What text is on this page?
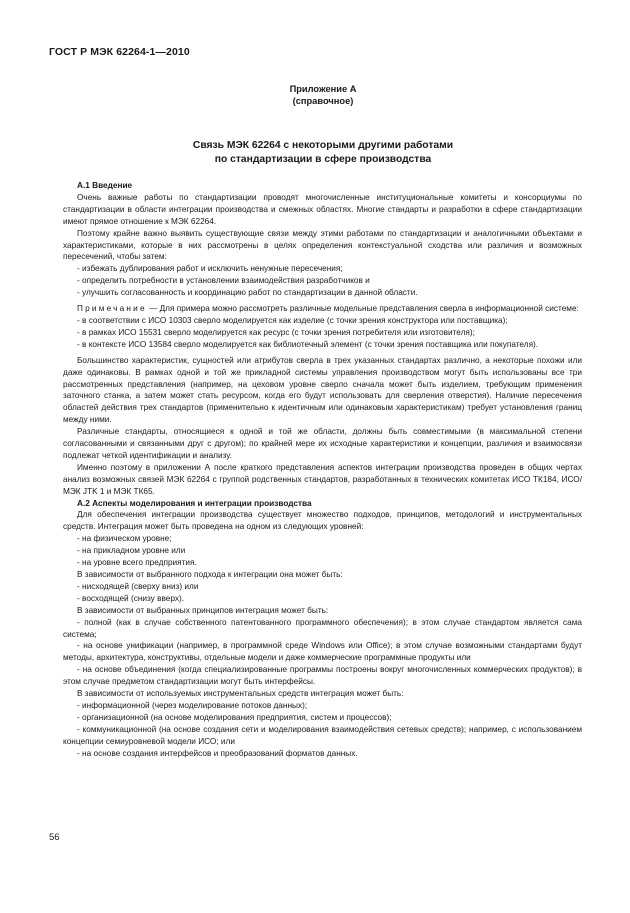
ГОСТ Р МЭК 62264-1—2010
Приложение А
(справочное)
Связь МЭК 62264 с некоторыми другими работами
по стандартизации в сфере производства
А.1 Введение

Очень важные работы по стандартизации проводят многочисленные институциональные комитеты и консорциумы по стандартизации в области интеграции производства и смежных областях. Многие стандарты и разработки в сфере стандартизации имеют прямое отношение к МЭК 62264.

Поэтому крайне важно выявить существующие связи между этими работами по стандартизации и аналогичными объектами и характеристиками, которые в них рассмотрены в целях определения контекстуальной сходства или различия и возможных пересечений, чтобы затем:

- избежать дублирования работ и исключить ненужные пересечения;

- определить потребности в установлении взаимодействия разработчиков и

- улучшить согласованность и координацию работ по стандартизации в данной области.

Примечание — Для примера можно рассмотреть различные модельные представления сверла в информационной системе:

- в соответствии с ИСО 10303 сверло моделируется как изделие (с точки зрения конструктора или поставщика);

- в рамках ИСО 15531 сверло моделируется как ресурс (с точки зрения потребителя или изготовителя);

- в контексте ИСО 13584 сверло моделируется как библиотечный элемент (с точки зрения поставщика или покупателя).

Большинство характеристик, сущностей или атрибутов сверла в трех указанных стандартах различно, а некоторые похожи или даже одинаковы. В рамках одной и той же прикладной системы управления производством могут быть использованы все три рассмотренных представления (например, на цеховом уровне сверло сначала может быть изделием, требующим применения заточного станка, а затем может стать ресурсом, когда его будут использовать для сверления отверстия). Наличие пересечения областей действия трех стандартов (применительно к идентичным или одинаковым характеристикам) требует установления границ между ними.

Различные стандарты, относящиеся к одной и той же области, должны быть совместимыми (в максимальной степени согласованными и связанными друг с другом); по крайней мере их исходные характеристики и концепции, различия и взаимосвязи подлежат четкой идентификации и анализу.

Именно поэтому в приложении А после краткого представления аспектов интеграции производства проведен в общих чертах анализ возможных связей МЭК 62264 с группой родственных стандартов, разработанных в технических комитетах ИСО ТК184, ИСО/МЭК JTK 1 и МЭК ТК65.

А.2 Аспекты моделирования и интеграции производства

Для обеспечения интеграции производства существует множество подходов, принципов, методологий и инструментальных средств. Интеграция может быть проведена на одном из следующих уровней:

- на физическом уровне;

- на прикладном уровне или

- на уровне всего предприятия.

В зависимости от выбранного подхода к интеграции она может быть:

- нисходящей (сверху вниз) или

- восходящей (снизу вверх).

В зависимости от выбранных принципов интеграция может быть:

- полной (как в случае собственного патентованного программного обеспечения); в этом случае стандартом является сама система;

- на основе унификации (например, в программной среде Windows или Office); в этом случае возможными стандартами будут методы, архитектура, конструктивы, отдельные модели и даже коммерческие программные продукты или

- на основе объединения (когда специализированные программы построены вокруг многочисленных коммерческих продуктов); в этом случае предметом стандартизации могут быть интерфейсы.

В зависимости от используемых инструментальных средств интеграция может быть:

- информационной (через моделирование потоков данных);

- организационной (на основе моделирования предприятия, систем и процессов);

- коммуникационной (на основе создания сети и моделирования взаимодействия сетевых средств); например, с использованием концепции семиуровневой модели ИСО; или

- на основе создания интерфейсов и преобразований форматов данных.

56
